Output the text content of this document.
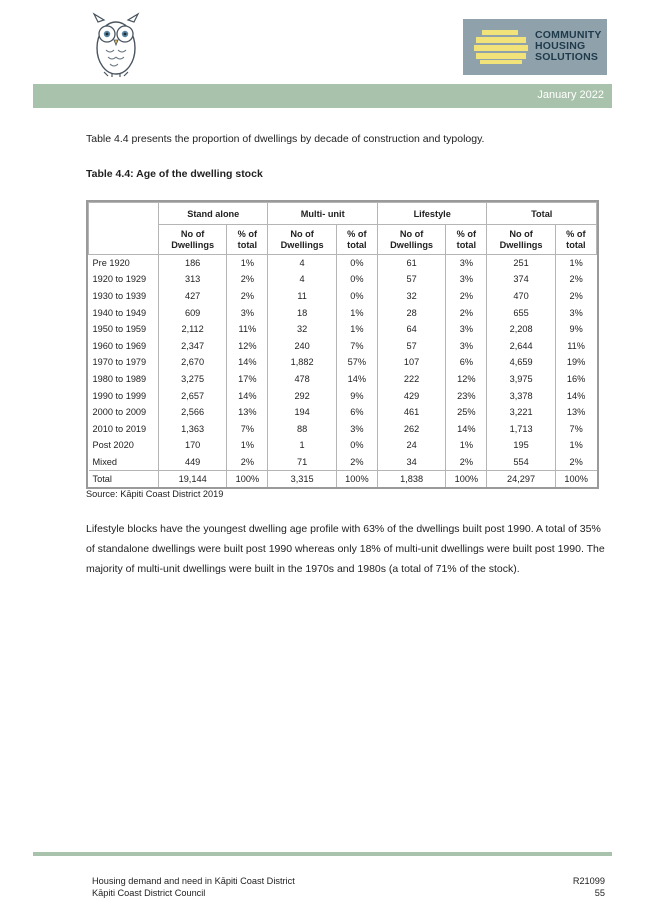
COMMUNITY
HOUSING
SOLUTIONS
January 2022

Table 4.4 presents the proportion of dwellings by decade of construction and typology.

Table 4.4: Age of the dwelling stock

	Stand alone		Multi- unit		Lifestyle		Total	
	No of Dwellings	% of total	No of Dwellings	% of total	No of Dwellings	% of total	No of Dwellings	% of total
Pre 1920	186	1%	4	0%	61	3%	251	1%
1920 to 1929	313	2%	4	0%	57	3%	374	2%
1930 to 1939	427	2%	11	0%	32	2%	470	2%
1940 to 1949	609	3%	18	1%	28	2%	655	3%
1950 to 1959	2,112	11%	32	1%	64	3%	2,208	9%
1960 to 1969	2,347	12%	240	7%	57	3%	2,644	11%
1970 to 1979	2,670	14%	1,882	57%	107	6%	4,659	19%
1980 to 1989	3,275	17%	478	14%	222	12%	3,975	16%
1990 to 1999	2,657	14%	292	9%	429	23%	3,378	14%
2000 to 2009	2,566	13%	194	6%	461	25%	3,221	13%
2010 to 2019	1,363	7%	88	3%	262	14%	1,713	7%
Post 2020	170	1%	1	0%	24	1%	195	1%
Mixed	449	2%	71	2%	34	2%	554	2%
Total	19,144	100%	3,315	100%	1,838	100%	24,297	100%

Source: Kāpiti Coast District 2019

Lifestyle blocks have the youngest dwelling age profile with 63% of the dwellings built post 1990. A total of 35% of standalone dwellings were built post 1990 whereas only 18% of multi-unit dwellings were built post 1990. The majority of multi-unit dwellings were built in the 1970s and 1980s (a total of 71% of the stock).

Housing demand and need in Kāpiti Coast District
Kāpiti Coast District Council
R21099
55
